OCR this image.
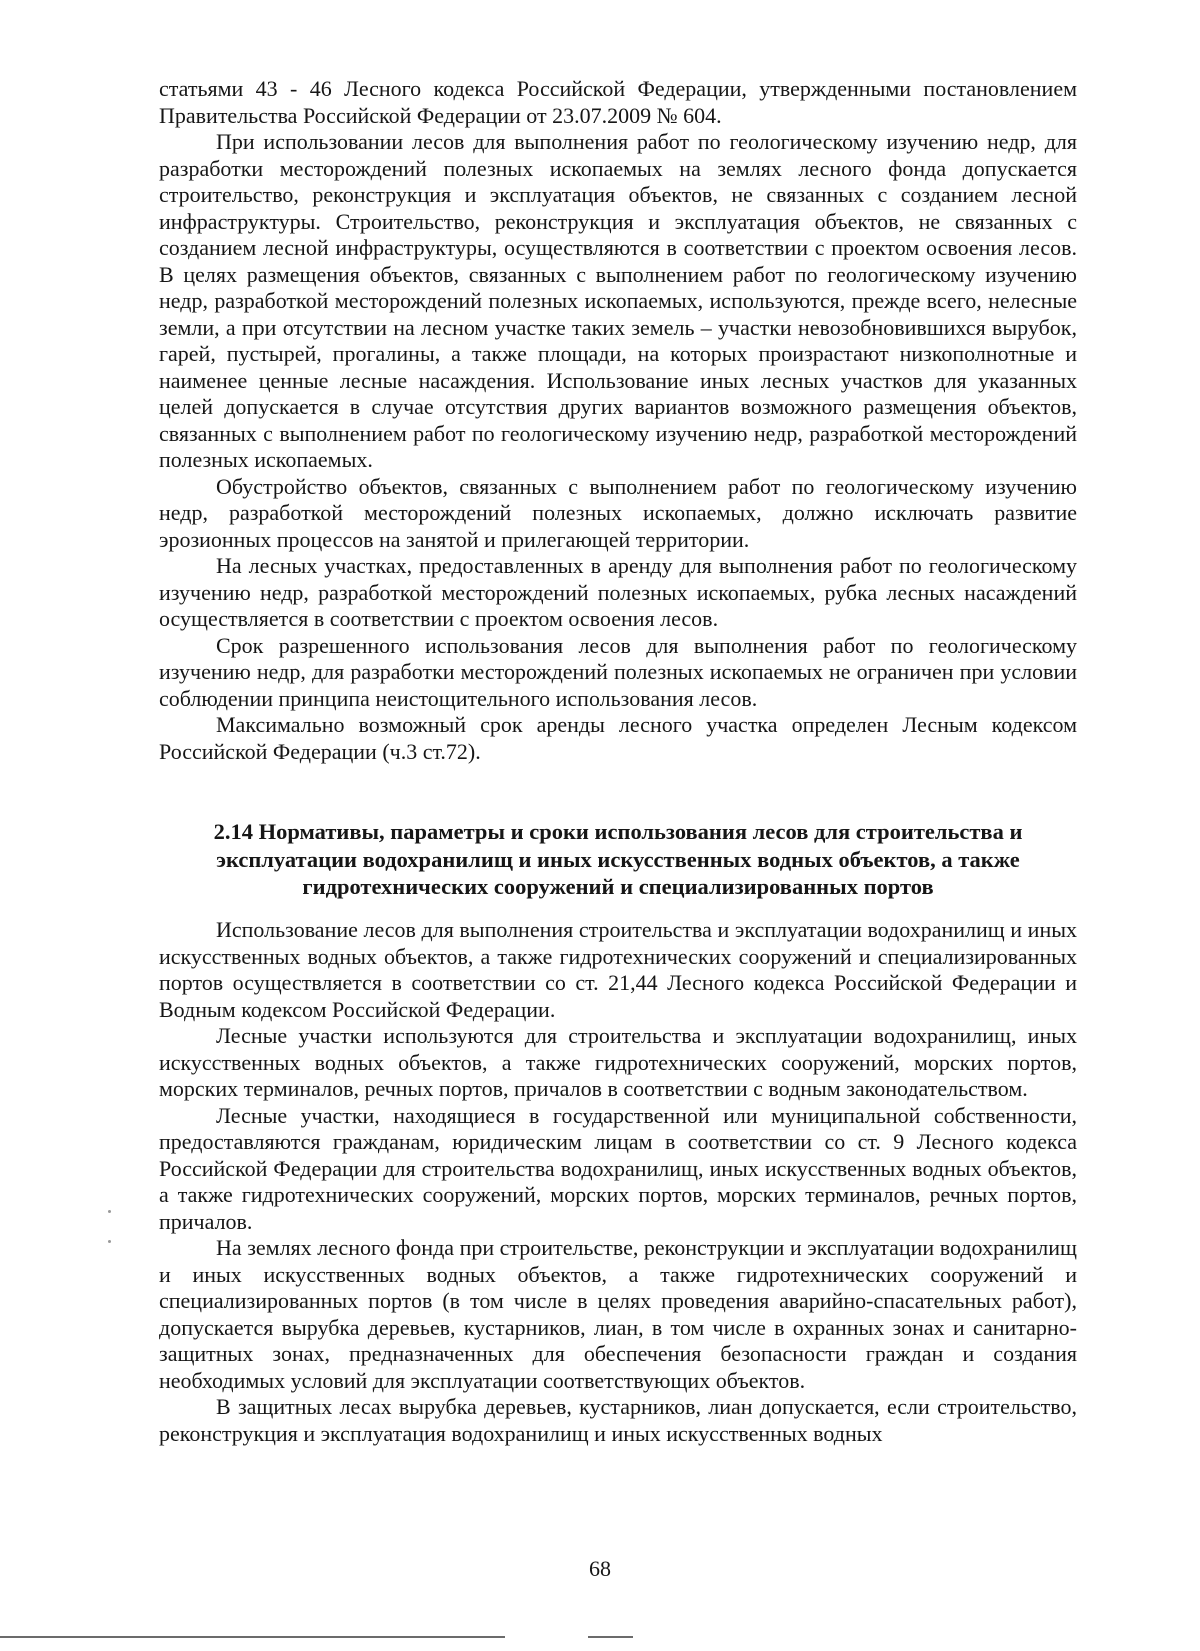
статьями 43 - 46 Лесного кодекса Российской Федерации, утвержденными постановлением Правительства Российской Федерации от 23.07.2009 № 604.

При использовании лесов для выполнения работ по геологическому изучению недр, для разработки месторождений полезных ископаемых на землях лесного фонда допускается строительство, реконструкция и эксплуатация объектов, не связанных с созданием лесной инфраструктуры. Строительство, реконструкция и эксплуатация объектов, не связанных с созданием лесной инфраструктуры, осуществляются в соответствии с проектом освоения лесов. В целях размещения объектов, связанных с выполнением работ по геологическому изучению недр, разработкой месторождений полезных ископаемых, используются, прежде всего, нелесные земли, а при отсутствии на лесном участке таких земель – участки невозобновившихся вырубок, гарей, пустырей, прогалины, а также площади, на которых произрастают низкополнотные и наименее ценные лесные насаждения. Использование иных лесных участков для указанных целей допускается в случае отсутствия других вариантов возможного размещения объектов, связанных с выполнением работ по геологическому изучению недр, разработкой месторождений полезных ископаемых.

Обустройство объектов, связанных с выполнением работ по геологическому изучению недр, разработкой месторождений полезных ископаемых, должно исключать развитие эрозионных процессов на занятой и прилегающей территории.

На лесных участках, предоставленных в аренду для выполнения работ по геологическому изучению недр, разработкой месторождений полезных ископаемых, рубка лесных насаждений осуществляется в соответствии с проектом освоения лесов.

Срок разрешенного использования лесов для выполнения работ по геологическому изучению недр, для разработки месторождений полезных ископаемых не ограничен при условии соблюдении принципа неистощительного использования лесов.

Максимально возможный срок аренды лесного участка определен Лесным кодексом Российской Федерации (ч.3 ст.72).

2.14 Нормативы, параметры и сроки использования лесов для строительства и эксплуатации водохранилищ и иных искусственных водных объектов, а также гидротехнических сооружений и специализированных портов

Использование лесов для выполнения строительства и эксплуатации водохранилищ и иных искусственных водных объектов, а также гидротехнических сооружений и специализированных портов осуществляется в соответствии со ст. 21,44 Лесного кодекса Российской Федерации и Водным кодексом Российской Федерации.

Лесные участки используются для строительства и эксплуатации водохранилищ, иных искусственных водных объектов, а также гидротехнических сооружений, морских портов, морских терминалов, речных портов, причалов в соответствии с водным законодательством.

Лесные участки, находящиеся в государственной или муниципальной собственности, предоставляются гражданам, юридическим лицам в соответствии со ст. 9 Лесного кодекса Российской Федерации для строительства водохранилищ, иных искусственных водных объектов, а также гидротехнических сооружений, морских портов, морских терминалов, речных портов, причалов.

На землях лесного фонда при строительстве, реконструкции и эксплуатации водохранилищ и иных искусственных водных объектов, а также гидротехнических сооружений и специализированных портов (в том числе в целях проведения аварийно-спасательных работ), допускается вырубка деревьев, кустарников, лиан, в том числе в охранных зонах и санитарно-защитных зонах, предназначенных для обеспечения безопасности граждан и создания необходимых условий для эксплуатации соответствующих объектов.

В защитных лесах вырубка деревьев, кустарников, лиан допускается, если строительство, реконструкция и эксплуатация водохранилищ и иных искусственных водных

68
